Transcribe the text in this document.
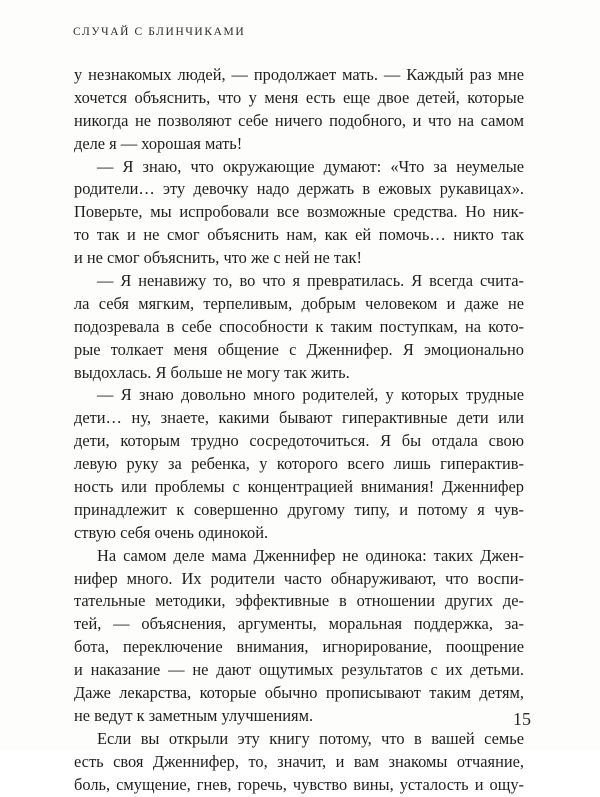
СЛУЧАЙ С БЛИНЧИКАМИ
у незнакомых людей, — продолжает мать. — Каждый раз мне
хочется объяснить, что у меня есть еще двое детей, которые
никогда не позволяют себе ничего подобного, и что на самом
деле я — хорошая мать!
— Я знаю, что окружающие думают: «Что за неумелые
родители… эту девочку надо держать в ежовых рукавицах».
Поверьте, мы испробовали все возможные средства. Но ник-
то так и не смог объяснить нам, как ей помочь… никто так
и не смог объяснить, что же с ней не так!
— Я ненавижу то, во что я превратилась. Я всегда счита-
ла себя мягким, терпеливым, добрым человеком и даже не
подозревала в себе способности к таким поступкам, на кото-
рые толкает меня общение с Дженнифер. Я эмоционально
выдохлась. Я больше не могу так жить.
— Я знаю довольно много родителей, у которых трудные
дети… ну, знаете, какими бывают гиперактивные дети или
дети, которым трудно сосредоточиться. Я бы отдала свою
левую руку за ребенка, у которого всего лишь гиперактив-
ность или проблемы с концентрацией внимания! Дженнифер
принадлежит к совершенно другому типу, и потому я чув-
ствую себя очень одинокой.
На самом деле мама Дженнифер не одинока: таких Джен-
нифер много. Их родители часто обнаруживают, что воспи-
тательные методики, эффективные в отношении других де-
тей, — объяснения, аргументы, моральная поддержка, за-
бота, переключение внимания, игнорирование, поощрение
и наказание — не дают ощутимых результатов с их детьми.
Даже лекарства, которые обычно прописывают таким детям,
не ведут к заметным улучшениям.
Если вы открыли эту книгу потому, что в вашей семье
есть своя Дженнифер, то, значит, и вам знакомы отчаяние,
боль, смущение, гнев, горечь, чувство вины, усталость и ощу-
15
